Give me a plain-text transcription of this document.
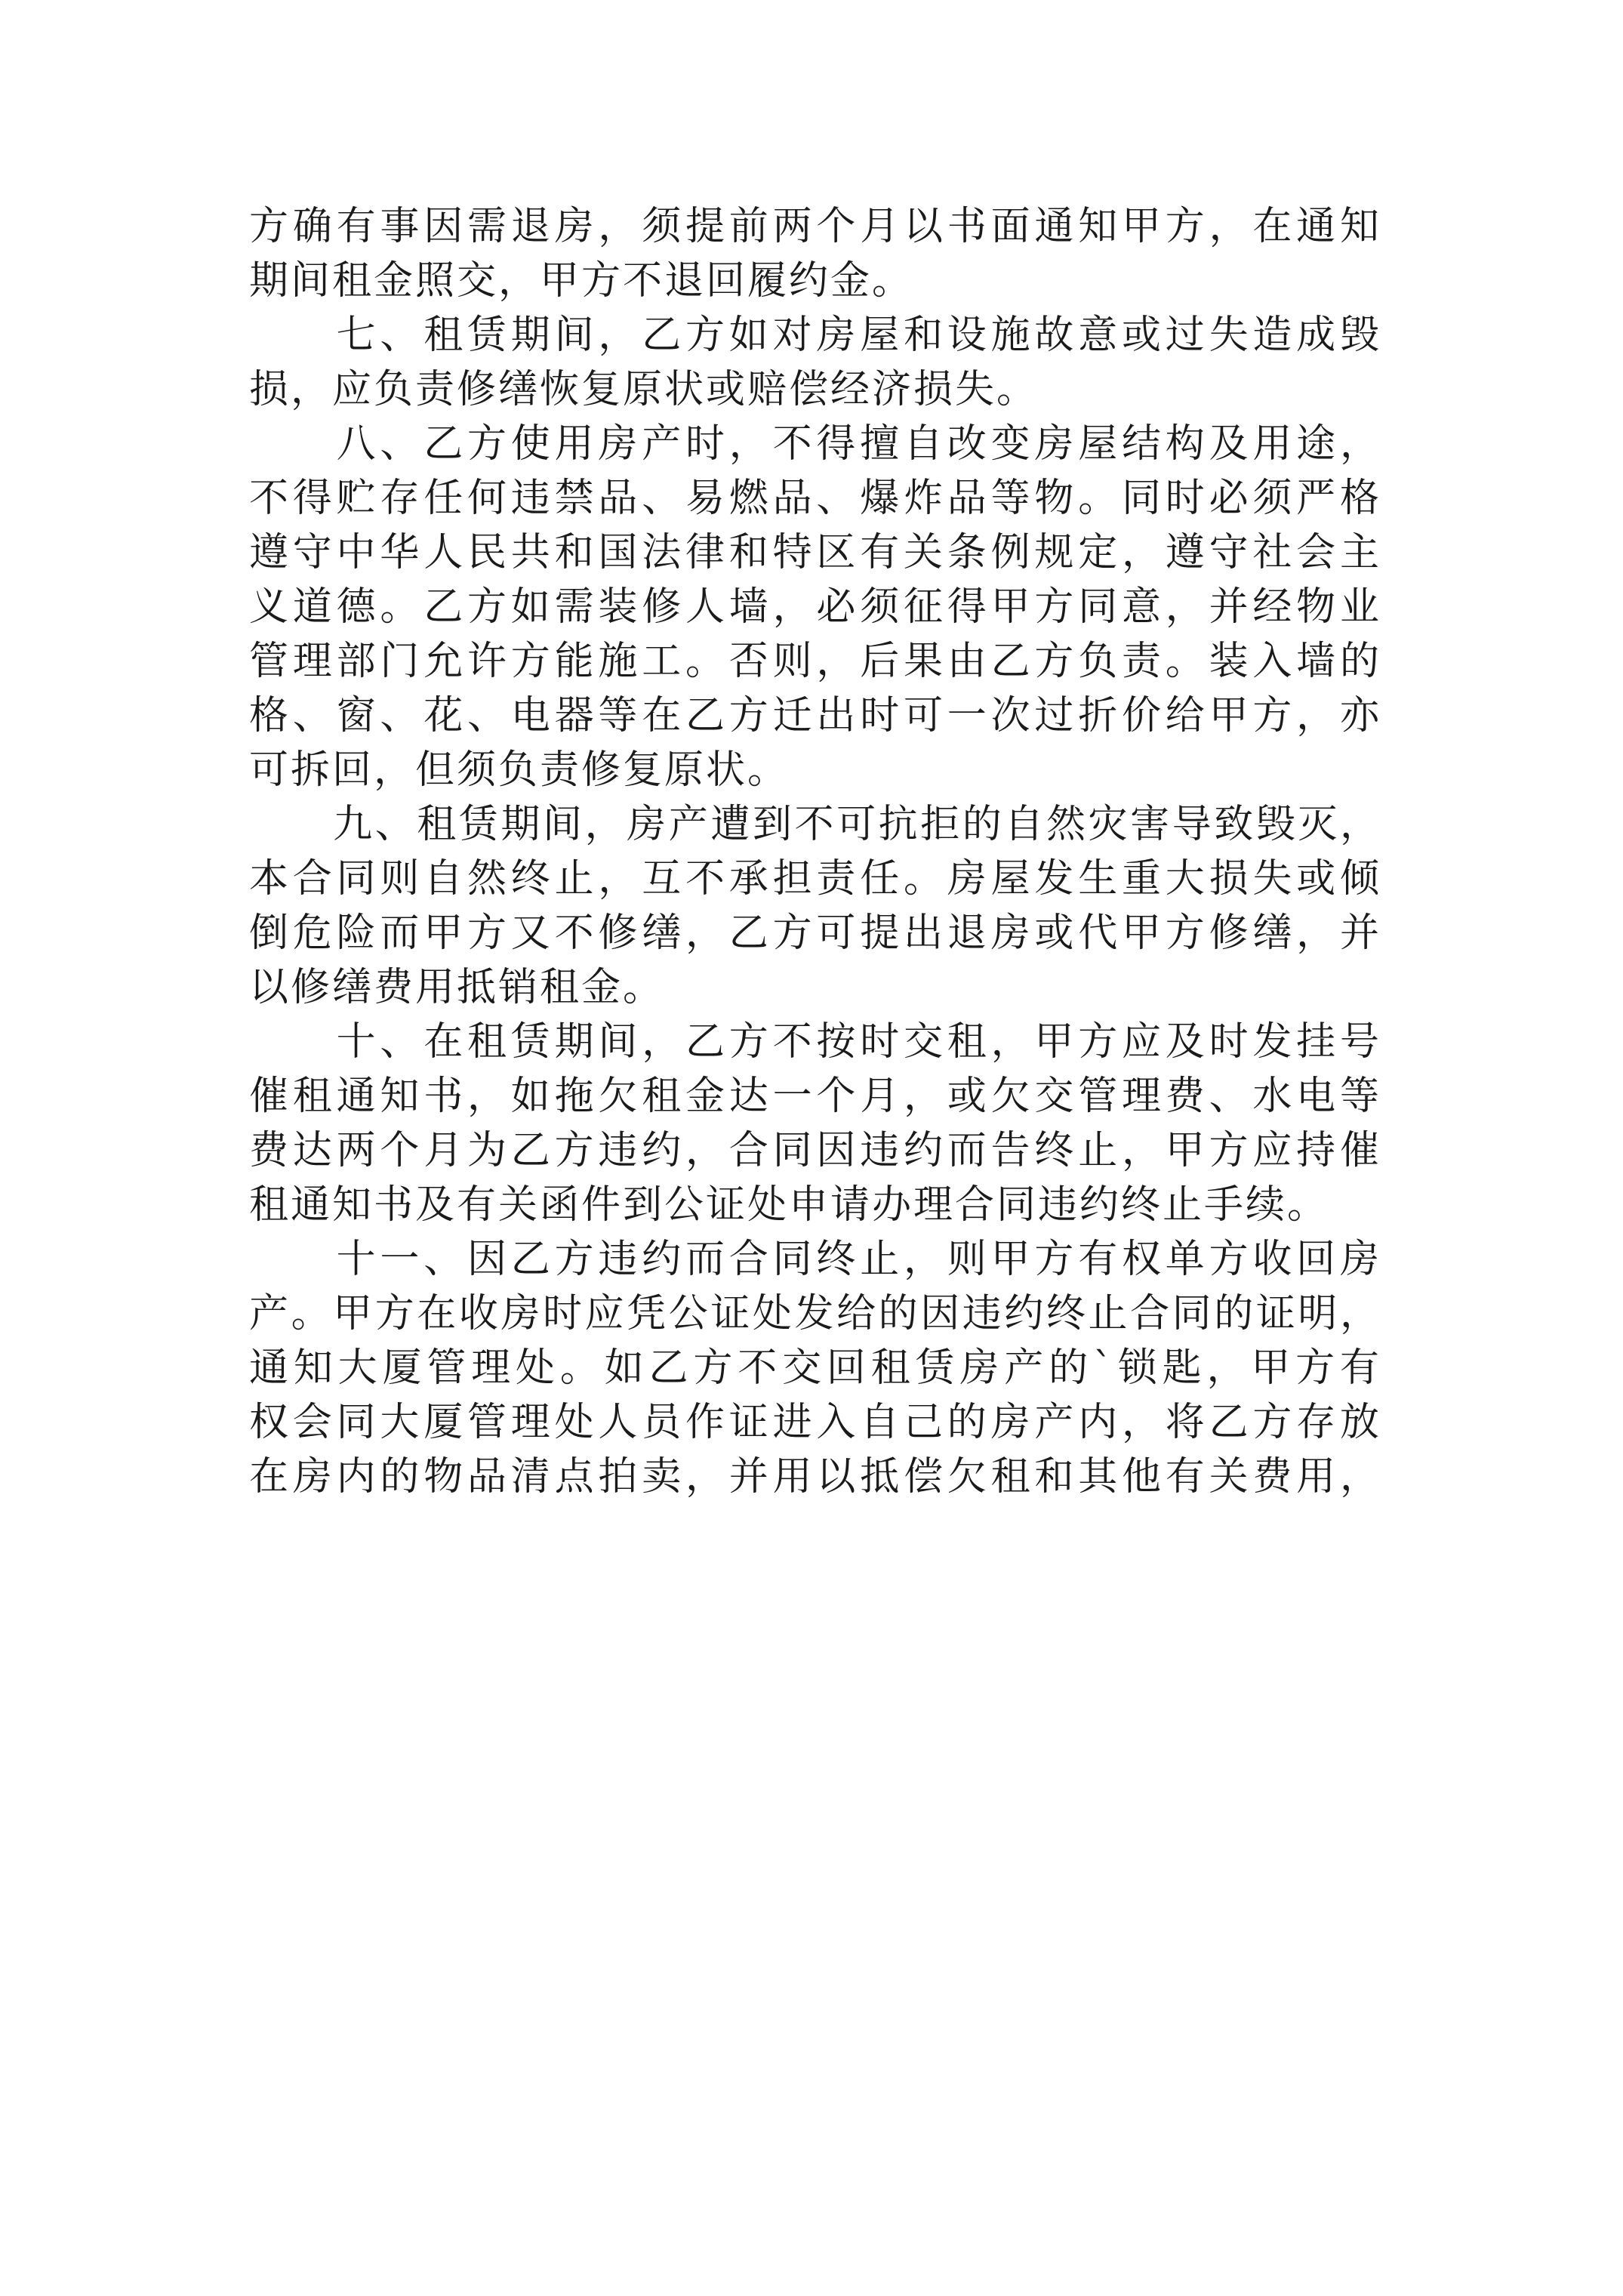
方确有事因需退房，须提前两个月以书面通知甲方，在通知
期间租金照交，甲方不退回履约金。
　　七、租赁期间，乙方如对房屋和设施故意或过失造成毁
损，应负责修缮恢复原状或赔偿经济损失。
　　八、乙方使用房产时，不得擅自改变房屋结构及用途，
不得贮存任何违禁品、易燃品、爆炸品等物。同时必须严格
遵守中华人民共和国法律和特区有关条例规定，遵守社会主
义道德。乙方如需装修人墙，必须征得甲方同意，并经物业
管理部门允许方能施工。否则，后果由乙方负责。装入墙的
格、窗、花、电器等在乙方迁出时可一次过折价给甲方，亦
可拆回，但须负责修复原状。
　　九、租赁期间，房产遭到不可抗拒的自然灾害导致毁灭，
本合同则自然终止，互不承担责任。房屋发生重大损失或倾
倒危险而甲方又不修缮，乙方可提出退房或代甲方修缮，并
以修缮费用抵销租金。
　　十、在租赁期间，乙方不按时交租，甲方应及时发挂号
催租通知书，如拖欠租金达一个月，或欠交管理费、水电等
费达两个月为乙方违约，合同因违约而告终止，甲方应持催
租通知书及有关函件到公证处申请办理合同违约终止手续。
　　十一、因乙方违约而合同终止，则甲方有权单方收回房
产。甲方在收房时应凭公证处发给的因违约终止合同的证明，
通知大厦管理处。如乙方不交回租赁房产的`锁匙，甲方有
权会同大厦管理处人员作证进入自己的房产内，将乙方存放
在房内的物品清点拍卖，并用以抵偿欠租和其他有关费用，
